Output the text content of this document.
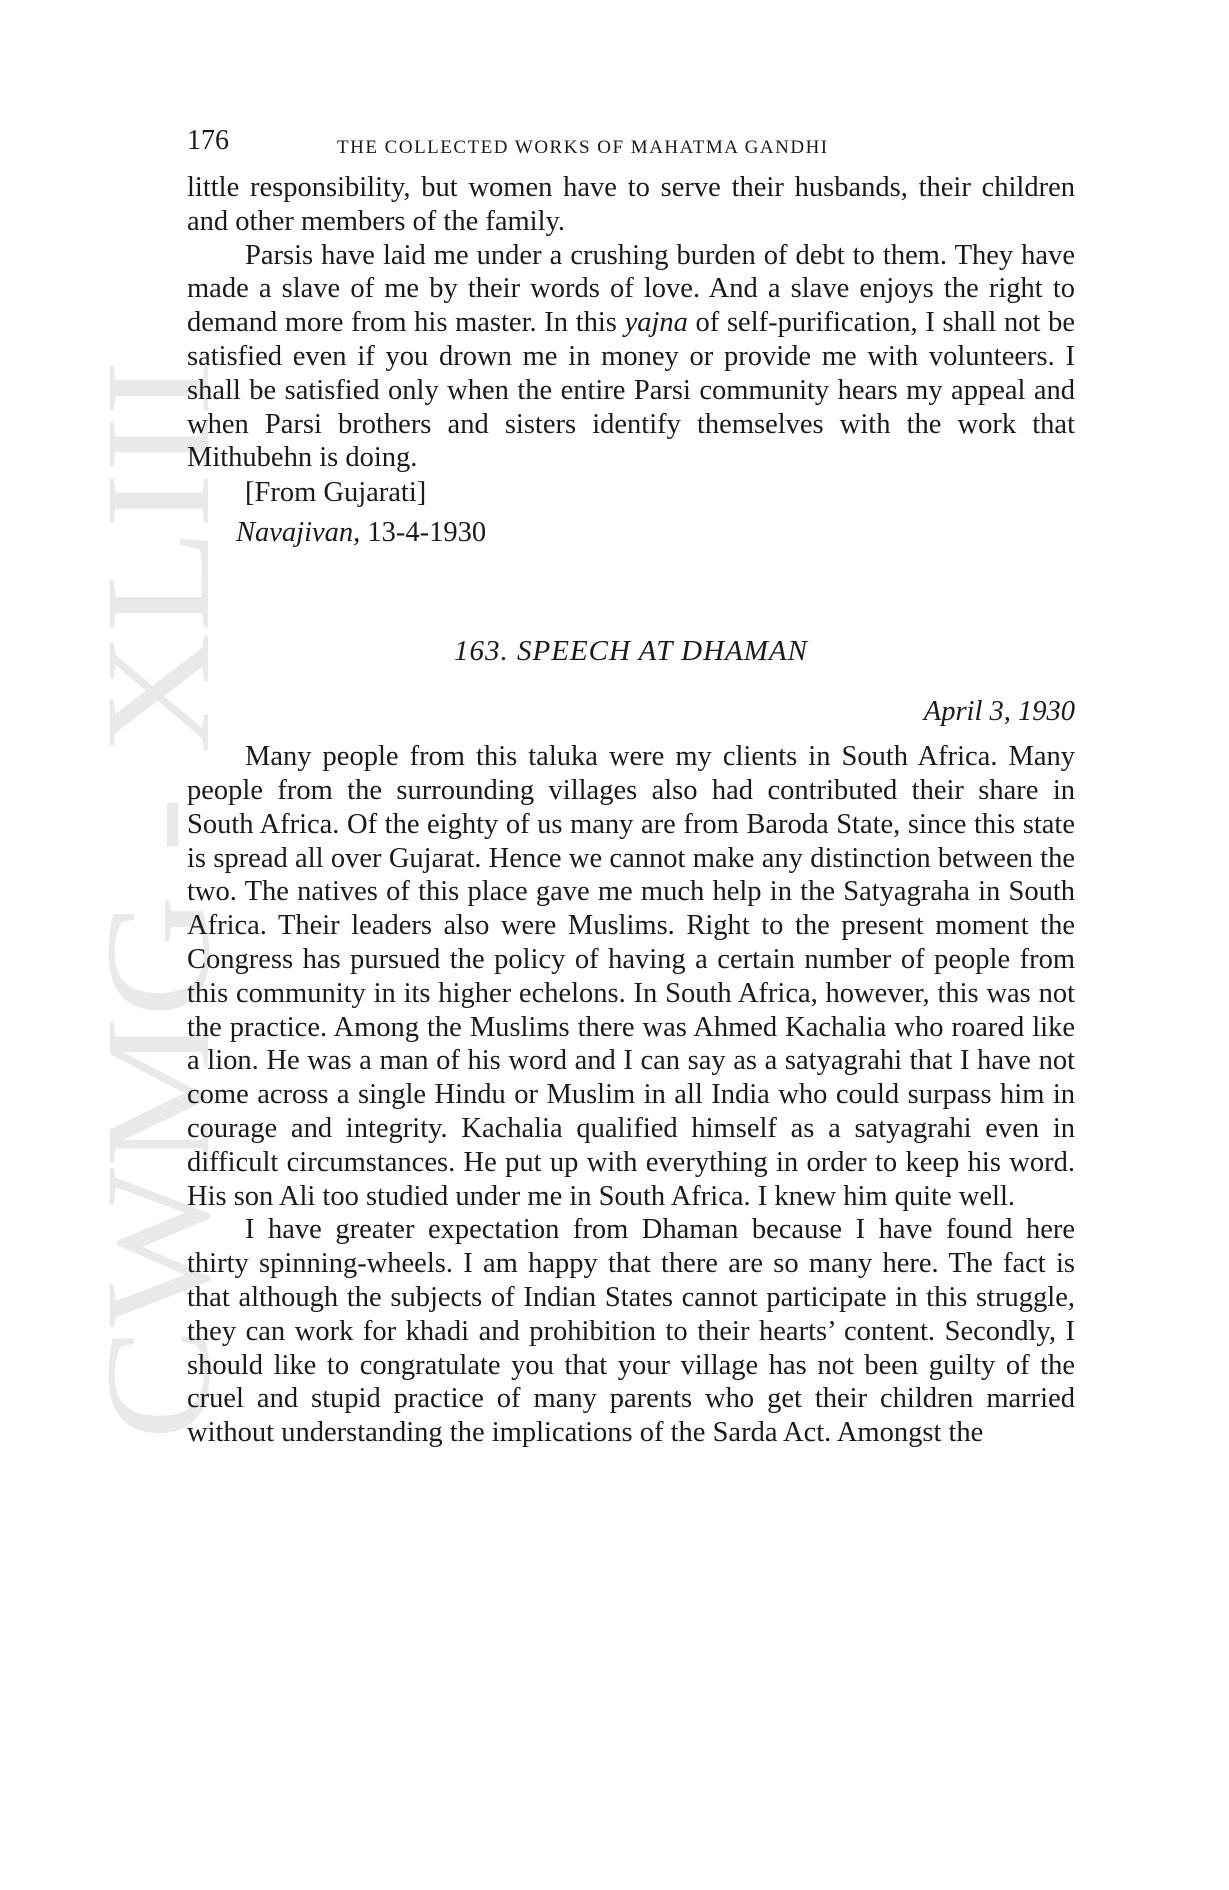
CWMG - XLIII
176	THE COLLECTED WORKS OF MAHATMA GANDHI

little responsibility, but women have to serve their husbands, their children and other members of the family.

Parsis have laid me under a crushing burden of debt to them. They have made a slave of me by their words of love. And a slave enjoys the right to demand more from his master. In this yajna of self-purification, I shall not be satisfied even if you drown me in money or provide me with volunteers. I shall be satisfied only when the entire Parsi community hears my appeal and when Parsi brothers and sisters identify themselves with the work that Mithubehn is doing.

[From Gujarati]
Navajivan, 13-4-1930
163. SPEECH AT DHAMAN
April 3, 1930

Many people from this taluka were my clients in South Africa. Many people from the surrounding villages also had contributed their share in South Africa. Of the eighty of us many are from Baroda State, since this state is spread all over Gujarat. Hence we cannot make any distinction between the two. The natives of this place gave me much help in the Satyagraha in South Africa. Their leaders also were Muslims. Right to the present moment the Congress has pursued the policy of having a certain number of people from this community in its higher echelons. In South Africa, however, this was not the practice. Among the Muslims there was Ahmed Kachalia who roared like a lion. He was a man of his word and I can say as a satyagrahi that I have not come across a single Hindu or Muslim in all India who could surpass him in courage and integrity. Kachalia qualified himself as a satyagrahi even in difficult circumstances. He put up with everything in order to keep his word. His son Ali too studied under me in South Africa. I knew him quite well.

I have greater expectation from Dhaman because I have found here thirty spinning-wheels. I am happy that there are so many here. The fact is that although the subjects of Indian States cannot participate in this struggle, they can work for khadi and prohibition to their hearts’ content. Secondly, I should like to congratulate you that your village has not been guilty of the cruel and stupid practice of many parents who get their children married without understanding the implications of the Sarda Act. Amongst the
